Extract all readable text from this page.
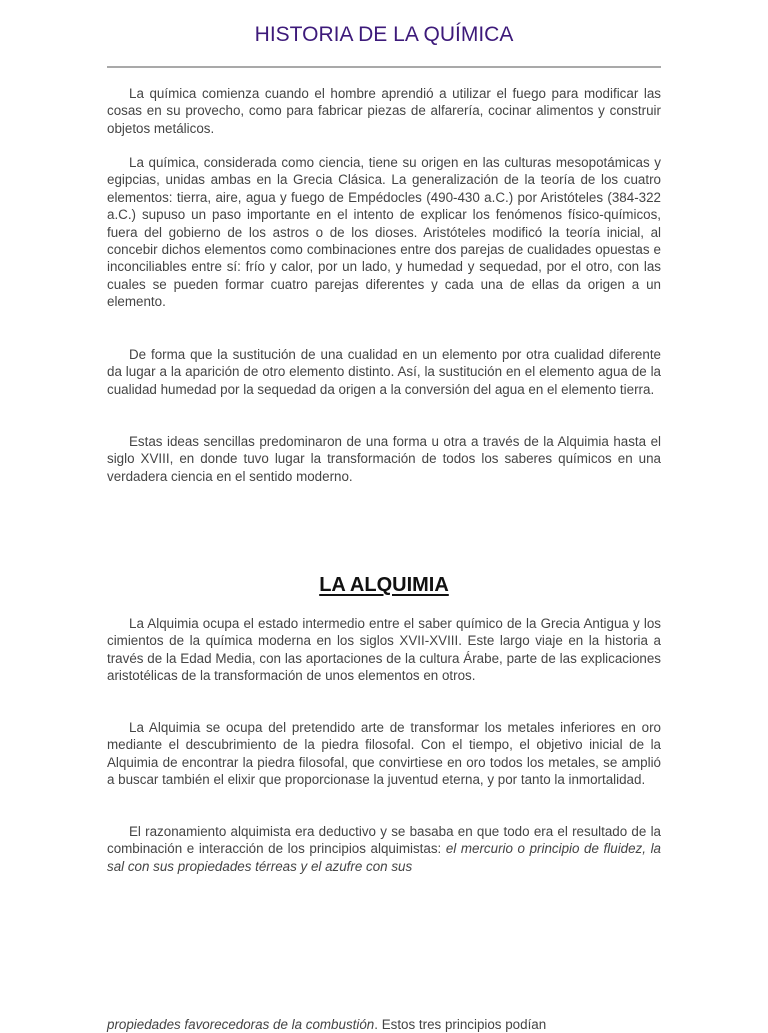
HISTORIA DE LA QUÍMICA

La química comienza cuando el hombre aprendió a utilizar el fuego para modificar las cosas en su provecho, como para fabricar piezas de alfarería, cocinar alimentos y construir objetos metálicos.

La química, considerada como ciencia, tiene su origen en las culturas mesopotámicas y egipcias, unidas ambas en la Grecia Clásica. La generalización de la teoría de los cuatro elementos: tierra, aire, agua y fuego de Empédocles (490-430 a.C.) por Aristóteles (384-322 a.C.) supuso un paso importante en el intento de explicar los fenómenos físico-químicos, fuera del gobierno de los astros o de los dioses. Aristóteles modificó la teoría inicial, al concebir dichos elementos como combinaciones entre dos parejas de cualidades opuestas e inconciliables entre sí: frío y calor, por un lado, y humedad y sequedad, por el otro, con las cuales se pueden formar cuatro parejas diferentes y cada una de ellas da origen a un elemento.

De forma que la sustitución de una cualidad en un elemento por otra cualidad diferente da lugar a la aparición de otro elemento distinto. Así, la sustitución en el elemento agua de la cualidad humedad por la sequedad da origen a la conversión del agua en el elemento tierra.

Estas ideas sencillas predominaron de una forma u otra a través de la Alquimia hasta el siglo XVIII, en donde tuvo lugar la transformación de todos los saberes químicos en una verdadera ciencia en el sentido moderno.

LA ALQUIMIA

La Alquimia ocupa el estado intermedio entre el saber químico de la Grecia Antigua y los cimientos de la química moderna en los siglos XVII-XVIII. Este largo viaje en la historia a través de la Edad Media, con las aportaciones de la cultura Árabe, parte de las explicaciones aristotélicas de la transformación de unos elementos en otros.

La Alquimia se ocupa del pretendido arte de transformar los metales inferiores en oro mediante el descubrimiento de la piedra filosofal. Con el tiempo, el objetivo inicial de la Alquimia de encontrar la piedra filosofal, que convirtiese en oro todos los metales, se amplió a buscar también el elixir que proporcionase la juventud eterna, y por tanto la inmortalidad.

El razonamiento alquimista era deductivo y se basaba en que todo era el resultado de la combinación e interacción de los principios alquimistas: el mercurio o principio de fluidez, la sal con sus propiedades térreas y el azufre con sus

propiedades favorecedoras de la combustión. Estos tres principios podían
